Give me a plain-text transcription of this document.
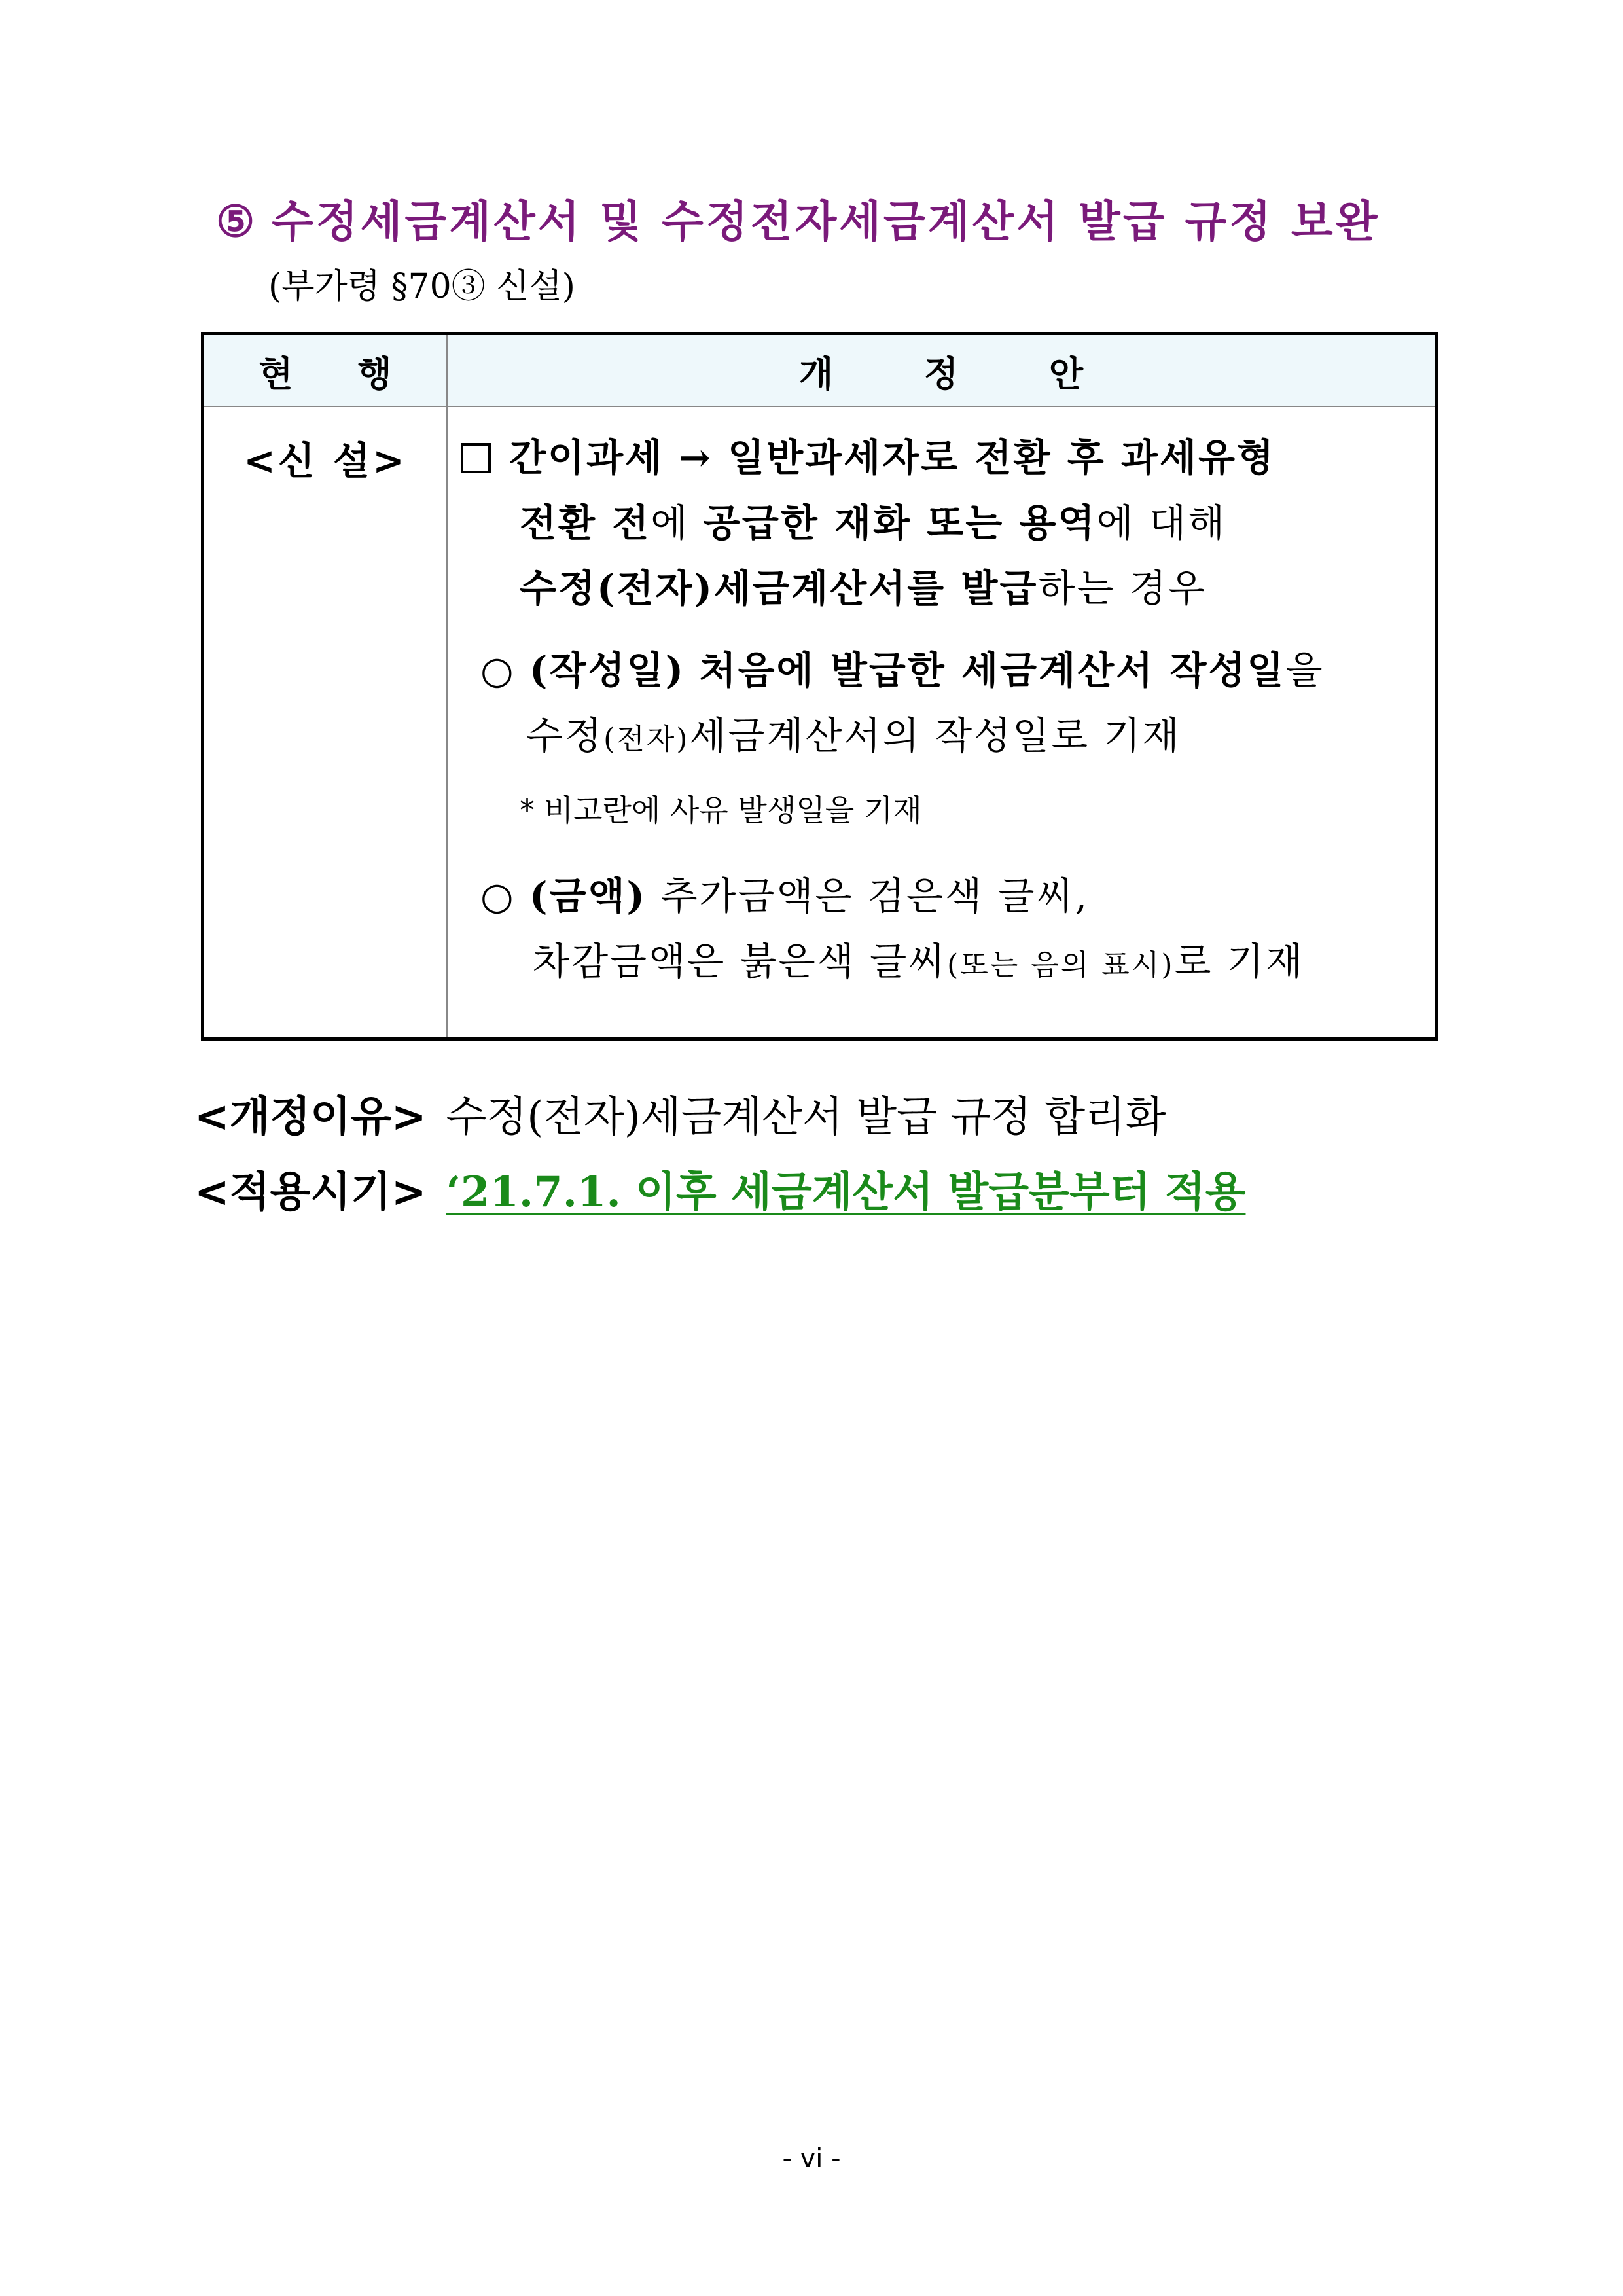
⑤ 수정세금계산서 및 수정전자세금계산서 발급 규정 보완
(부가령 §70③ 신설)
현 행	개 정 안
<신 설>	간이과세 → 일반과세자로 전환 후 과세유형
전환 전에 공급한 재화 또는 용역에 대해
수정(전자)세금계산서를 발급하는 경우
○ (작성일) 처음에 발급한 세금계산서 작성일을
수정(전자)세금계산서의 작성일로 기재
* 비고란에 사유 발생일을 기재
○ (금액) 추가금액은 검은색 글씨,
차감금액은 붉은색 글씨(또는 음의 표시)로 기재
<개정이유> 수정(전자)세금계산서 발급 규정 합리화
<적용시기> ‘21.7.1. 이후 세금계산서 발급분부터 적용
- vi -
